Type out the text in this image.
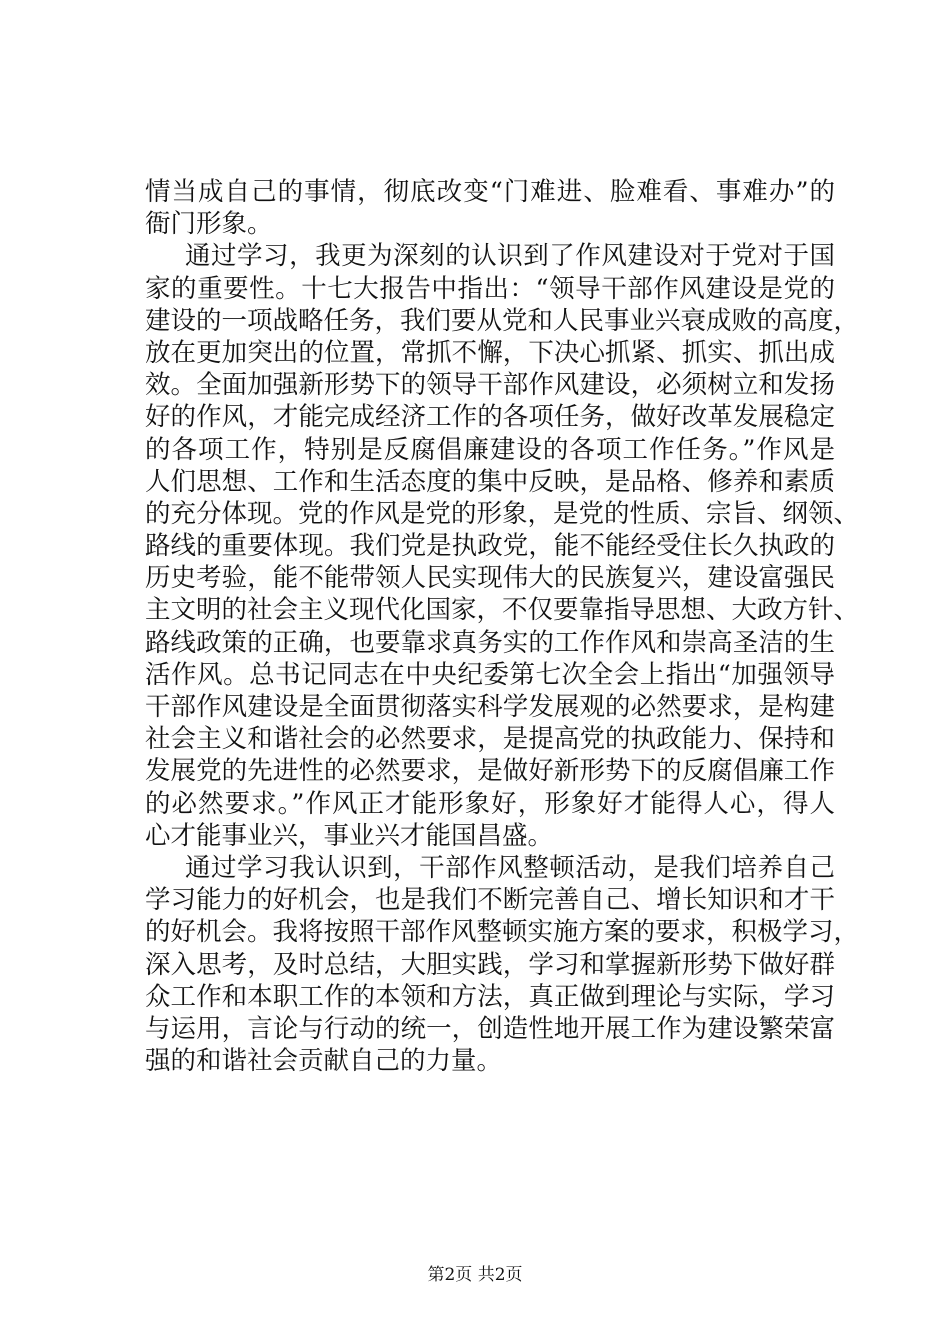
情当成自己的事情，彻底改变“门难进、脸难看、事难办”的
衙门形象。
通过学习，我更为深刻的认识到了作风建设对于党对于国
家的重要性。十七大报告中指出：“领导干部作风建设是党的
建设的一项战略任务，我们要从党和人民事业兴衰成败的高度，
放在更加突出的位置，常抓不懈，下决心抓紧、抓实、抓出成
效。全面加强新形势下的领导干部作风建设，必须树立和发扬
好的作风，才能完成经济工作的各项任务，做好改革发展稳定
的各项工作，特别是反腐倡廉建设的各项工作任务。”作风是
人们思想、工作和生活态度的集中反映，是品格、修养和素质
的充分体现。党的作风是党的形象，是党的性质、宗旨、纲领、
路线的重要体现。我们党是执政党，能不能经受住长久执政的
历史考验，能不能带领人民实现伟大的民族复兴，建设富强民
主文明的社会主义现代化国家，不仅要靠指导思想、大政方针、
路线政策的正确，也要靠求真务实的工作作风和崇高圣洁的生
活作风。总书记同志在中央纪委第七次全会上指出“加强领导
干部作风建设是全面贯彻落实科学发展观的必然要求，是构建
社会主义和谐社会的必然要求，是提高党的执政能力、保持和
发展党的先进性的必然要求，是做好新形势下的反腐倡廉工作
的必然要求。”作风正才能形象好，形象好才能得人心，得人
心才能事业兴，事业兴才能国昌盛。
通过学习我认识到，干部作风整顿活动，是我们培养自己
学习能力的好机会，也是我们不断完善自己、增长知识和才干
的好机会。我将按照干部作风整顿实施方案的要求，积极学习，
深入思考，及时总结，大胆实践，学习和掌握新形势下做好群
众工作和本职工作的本领和方法，真正做到理论与实际，学习
与运用，言论与行动的统一，创造性地开展工作为建设繁荣富
强的和谐社会贡献自己的力量。
第2页 共2页
